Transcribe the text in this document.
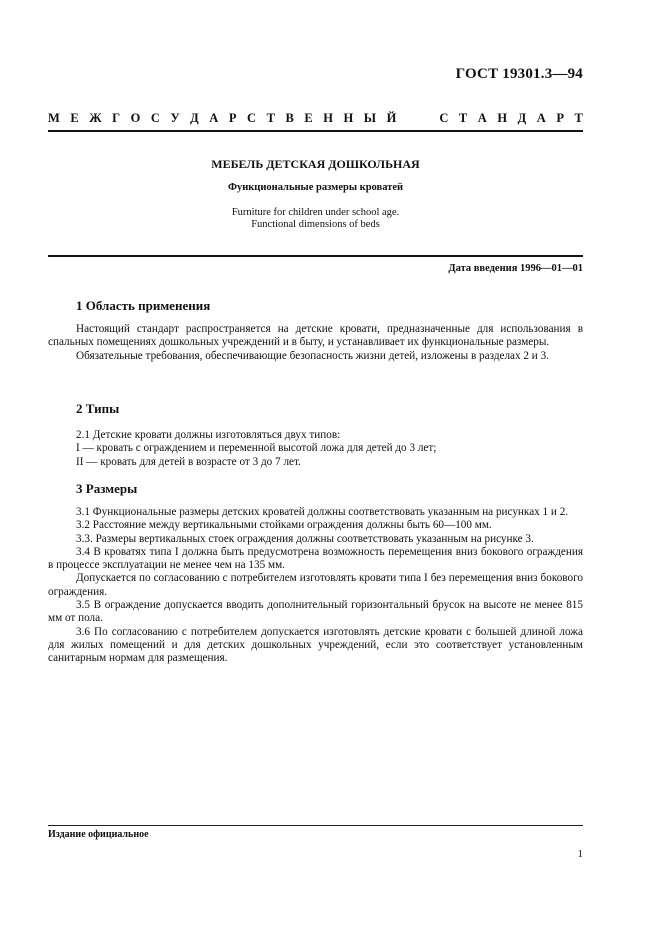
ГОСТ 19301.3—94
М Е Ж Г О С У Д А Р С Т В Е Н Н Ы Й	С Т А Н Д А Р Т
МЕБЕЛЬ ДЕТСКАЯ ДОШКОЛЬНАЯ
Функциональные размеры кроватей
Furniture for children under school age.
Functional dimensions of beds
Дата введения 1996—01—01
1 Область применения

Настоящий стандарт распространяется на детские кровати, предназначенные для использования в спальных помещениях дошкольных учреждений и в быту, и устанавливает их функциональные размеры.

Обязательные требования, обеспечивающие безопасность жизни детей, изложены в разделах 2 и 3.

2 Типы

2.1 Детские кровати должны изготовляться двух типов:

I — кровать с ограждением и переменной высотой ложа для детей до 3 лет;

II — кровать для детей в возрасте от 3 до 7 лет.

3 Размеры

3.1 Функциональные размеры детских кроватей должны соответствовать указанным на рисунках 1 и 2.

3.2 Расстояние между вертикальными стойками ограждения должны быть 60—100 мм.

3.3. Размеры вертикальных стоек ограждения должны соответствовать указанным на рисунке 3.

3.4 В кроватях типа I должна быть предусмотрена возможность перемещения вниз бокового ограждения в процессе эксплуатации не менее чем на 135 мм.

Допускается по согласованию с потребителем изготовлять кровати типа I без перемещения вниз бокового ограждения.

3.5 В ограждение допускается вводить дополнительный горизонтальный брусок на высоте не менее 815 мм от пола.

3.6 По согласованию с потребителем допускается изготовлять детские кровати с большей длиной ложа для жилых помещений и для детских дошкольных учреждений, если это соответствует установленным санитарным нормам для размещения.

Издание официальное
1
